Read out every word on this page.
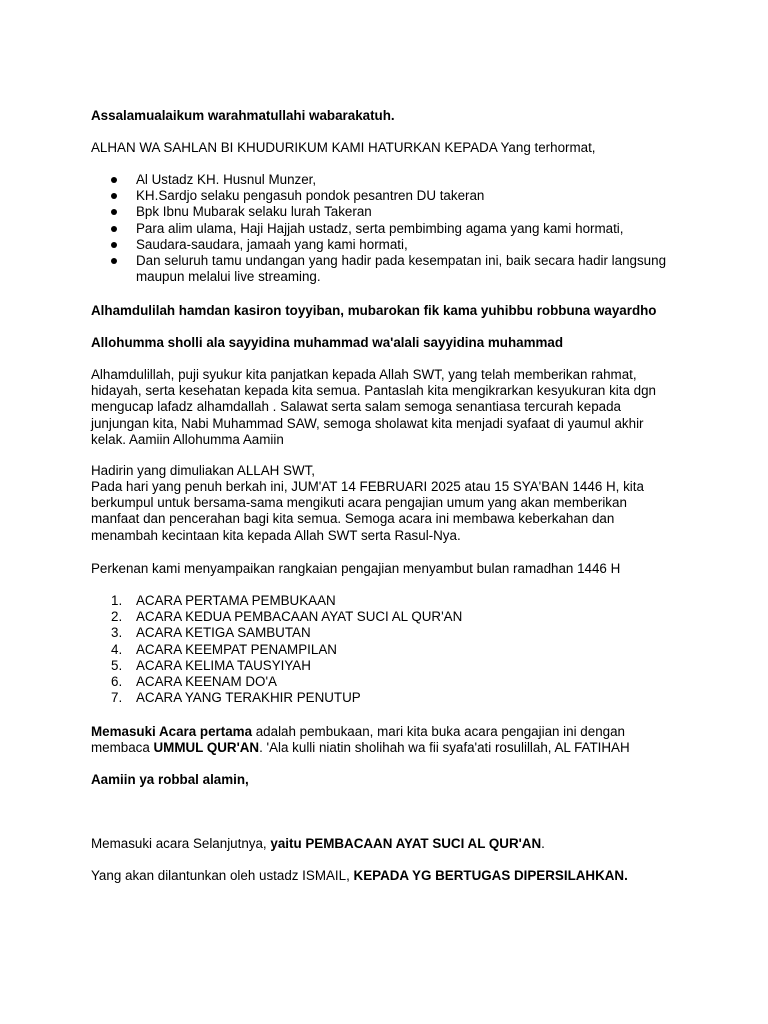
Assalamualaikum warahmatullahi wabarakatuh.

ALHAN WA SAHLAN BI KHUDURIKUM KAMI HATURKAN KEPADA Yang terhormat,

Al Ustadz KH. Husnul Munzer,
KH.Sardjo selaku pengasuh pondok pesantren DU takeran
Bpk Ibnu Mubarak selaku lurah Takeran
Para alim ulama, Haji Hajjah ustadz, serta pembimbing agama yang kami hormati,
Saudara-saudara, jamaah yang kami hormati,
Dan seluruh tamu undangan yang hadir pada kesempatan ini, baik secara hadir langsung maupun melalui live streaming.

Alhamdulilah hamdan kasiron toyyiban, mubarokan fik kama yuhibbu robbuna wayardho

Allohumma sholli ala sayyidina muhammad wa'alali sayyidina muhammad

Alhamdulillah, puji syukur kita panjatkan kepada Allah SWT, yang telah memberikan rahmat, hidayah, serta kesehatan kepada kita semua. Pantaslah kita mengikrarkan kesyukuran kita dgn mengucap lafadz alhamdallah . Salawat serta salam semoga senantiasa tercurah kepada junjungan kita, Nabi Muhammad SAW, semoga sholawat kita menjadi syafaat di yaumul akhir kelak. Aamiin Allohumma Aamiin

Hadirin yang dimuliakan ALLAH SWT,

Pada hari yang penuh berkah ini, JUM'AT 14 FEBRUARI 2025 atau 15 SYA'BAN 1446 H, kita berkumpul untuk bersama-sama mengikuti acara pengajian umum yang akan memberikan manfaat dan pencerahan bagi kita semua. Semoga acara ini membawa keberkahan dan menambah kecintaan kita kepada Allah SWT serta Rasul-Nya.

Perkenan kami menyampaikan rangkaian pengajian menyambut bulan ramadhan 1446 H

1. ACARA PERTAMA PEMBUKAAN
2. ACARA KEDUA PEMBACAAN AYAT SUCI AL QUR'AN
3. ACARA KETIGA SAMBUTAN
4. ACARA KEEMPAT PENAMPILAN
5. ACARA KELIMA TAUSYIYAH
6. ACARA KEENAM DO'A
7. ACARA YANG TERAKHIR PENUTUP

Memasuki Acara pertama adalah pembukaan, mari kita buka acara pengajian ini dengan membaca UMMUL QUR'AN. 'Ala kulli niatin sholihah wa fii syafa'ati rosulillah, AL FATIHAH

Aamiin ya robbal alamin,

Memasuki acara Selanjutnya, yaitu PEMBACAAN AYAT SUCI AL QUR'AN.

Yang akan dilantunkan oleh ustadz ISMAIL, KEPADA YG BERTUGAS DIPERSILAHKAN.
